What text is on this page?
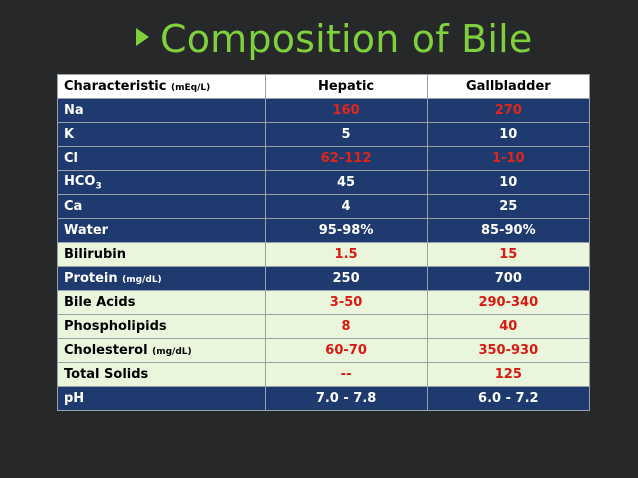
Composition of Bile
Characteristic (mEq/L)	Hepatic	Gallbladder
Na	160	270
K	5	10
Cl	62-112	1-10
$HCO_3$	45	10
Ca	4	25
Water	95-98%	85-90%
Bilirubin	1.5	15
Protein (mg/dL)	250	700
Bile Acids	3-50	290-340
Phospholipids	8	40
Cholesterol (mg/dL)	60-70	350-930
Total Solids	--	125
pH	7.0 - 7.8	6.0 - 7.2
